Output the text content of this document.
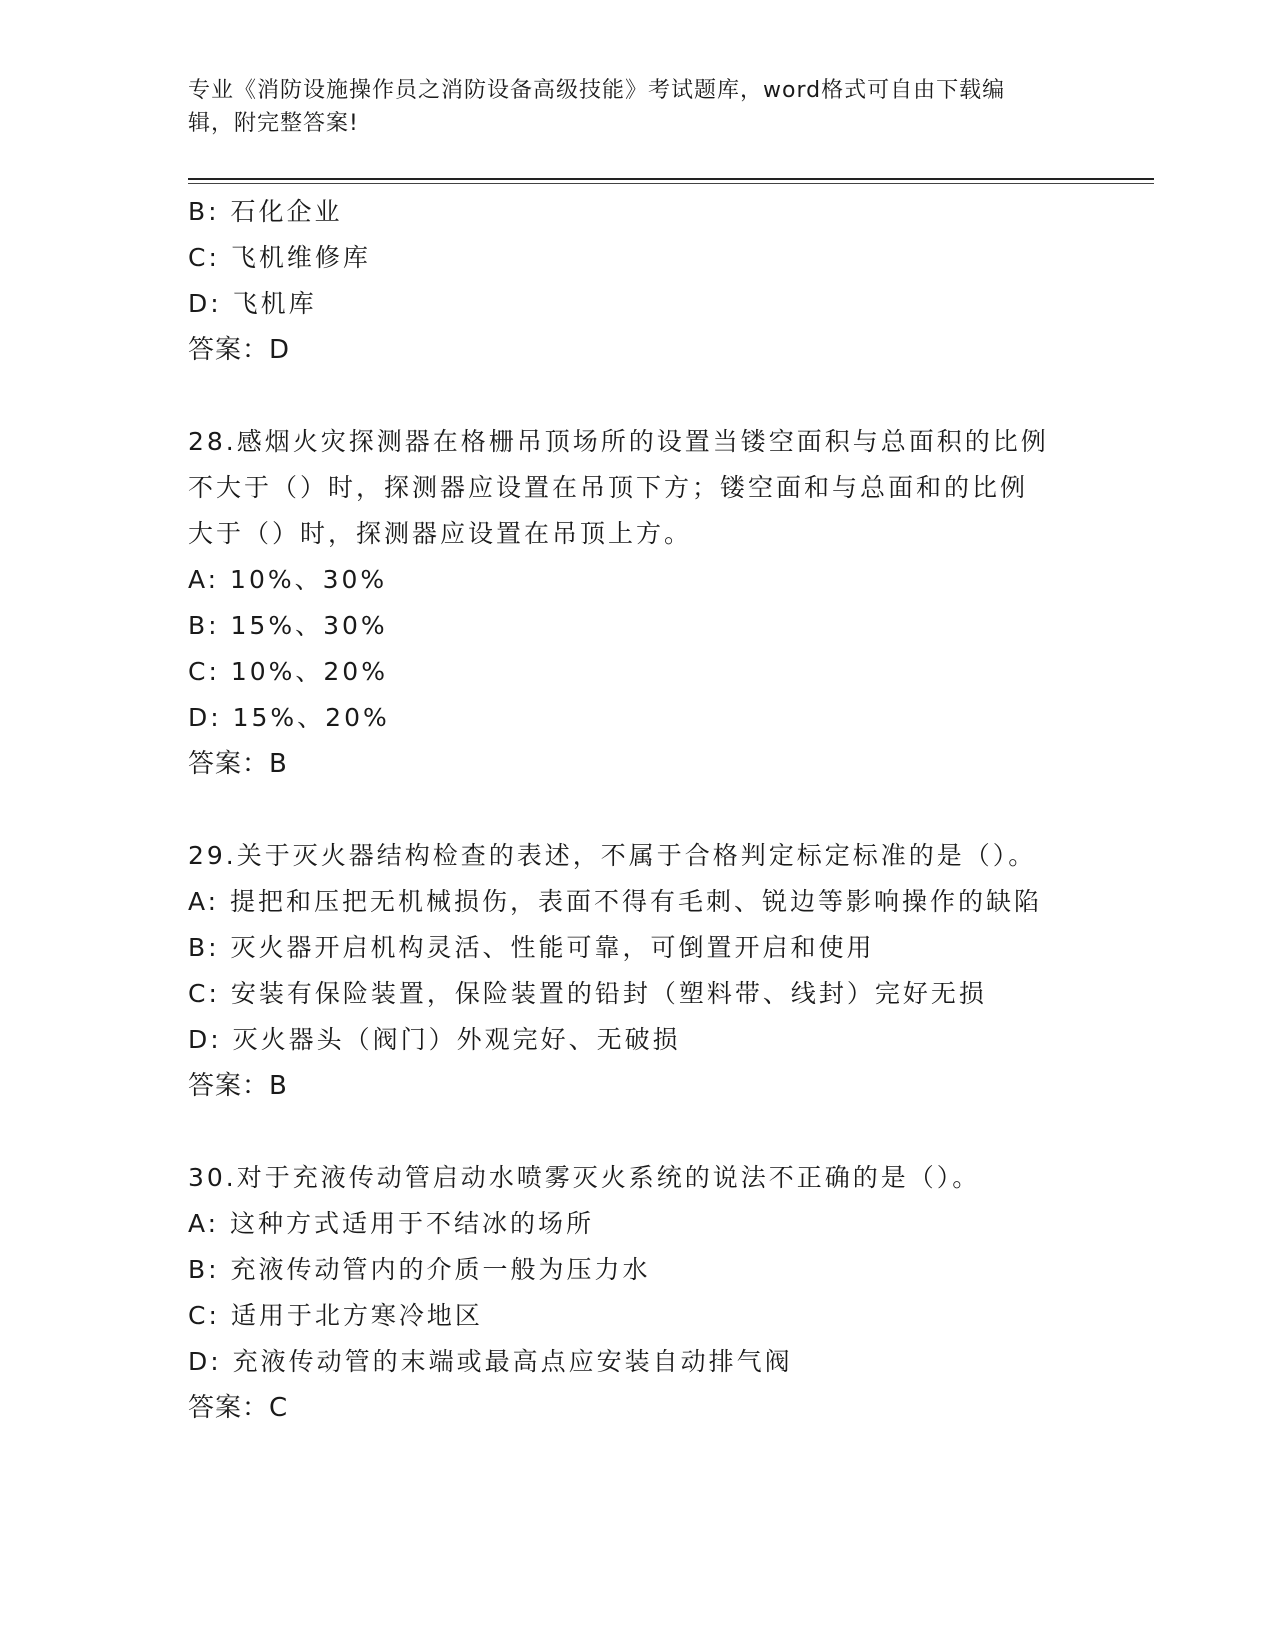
专业《消防设施操作员之消防设备高级技能》考试题库，word格式可自由下载编
辑，附完整答案!
B: 石化企业
C: 飞机维修库
D: 飞机库
答案：D
28.感烟火灾探测器在格栅吊顶场所的设置当镂空面积与总面积的比例
不大于（）时，探测器应设置在吊顶下方；镂空面和与总面和的比例
大于（）时，探测器应设置在吊顶上方。
A: 10%、30%
B: 15%、30%
C: 10%、20%
D: 15%、20%
答案：B
29.关于灭火器结构检查的表述，不属于合格判定标定标准的是（）。
A: 提把和压把无机械损伤，表面不得有毛刺、锐边等影响操作的缺陷
B: 灭火器开启机构灵活、性能可靠，可倒置开启和使用
C: 安装有保险装置，保险装置的铅封（塑料带、线封）完好无损
D: 灭火器头（阀门）外观完好、无破损
答案：B
30.对于充液传动管启动水喷雾灭火系统的说法不正确的是（）。
A: 这种方式适用于不结冰的场所
B: 充液传动管内的介质一般为压力水
C: 适用于北方寒冷地区
D: 充液传动管的末端或最高点应安装自动排气阀
答案：C
